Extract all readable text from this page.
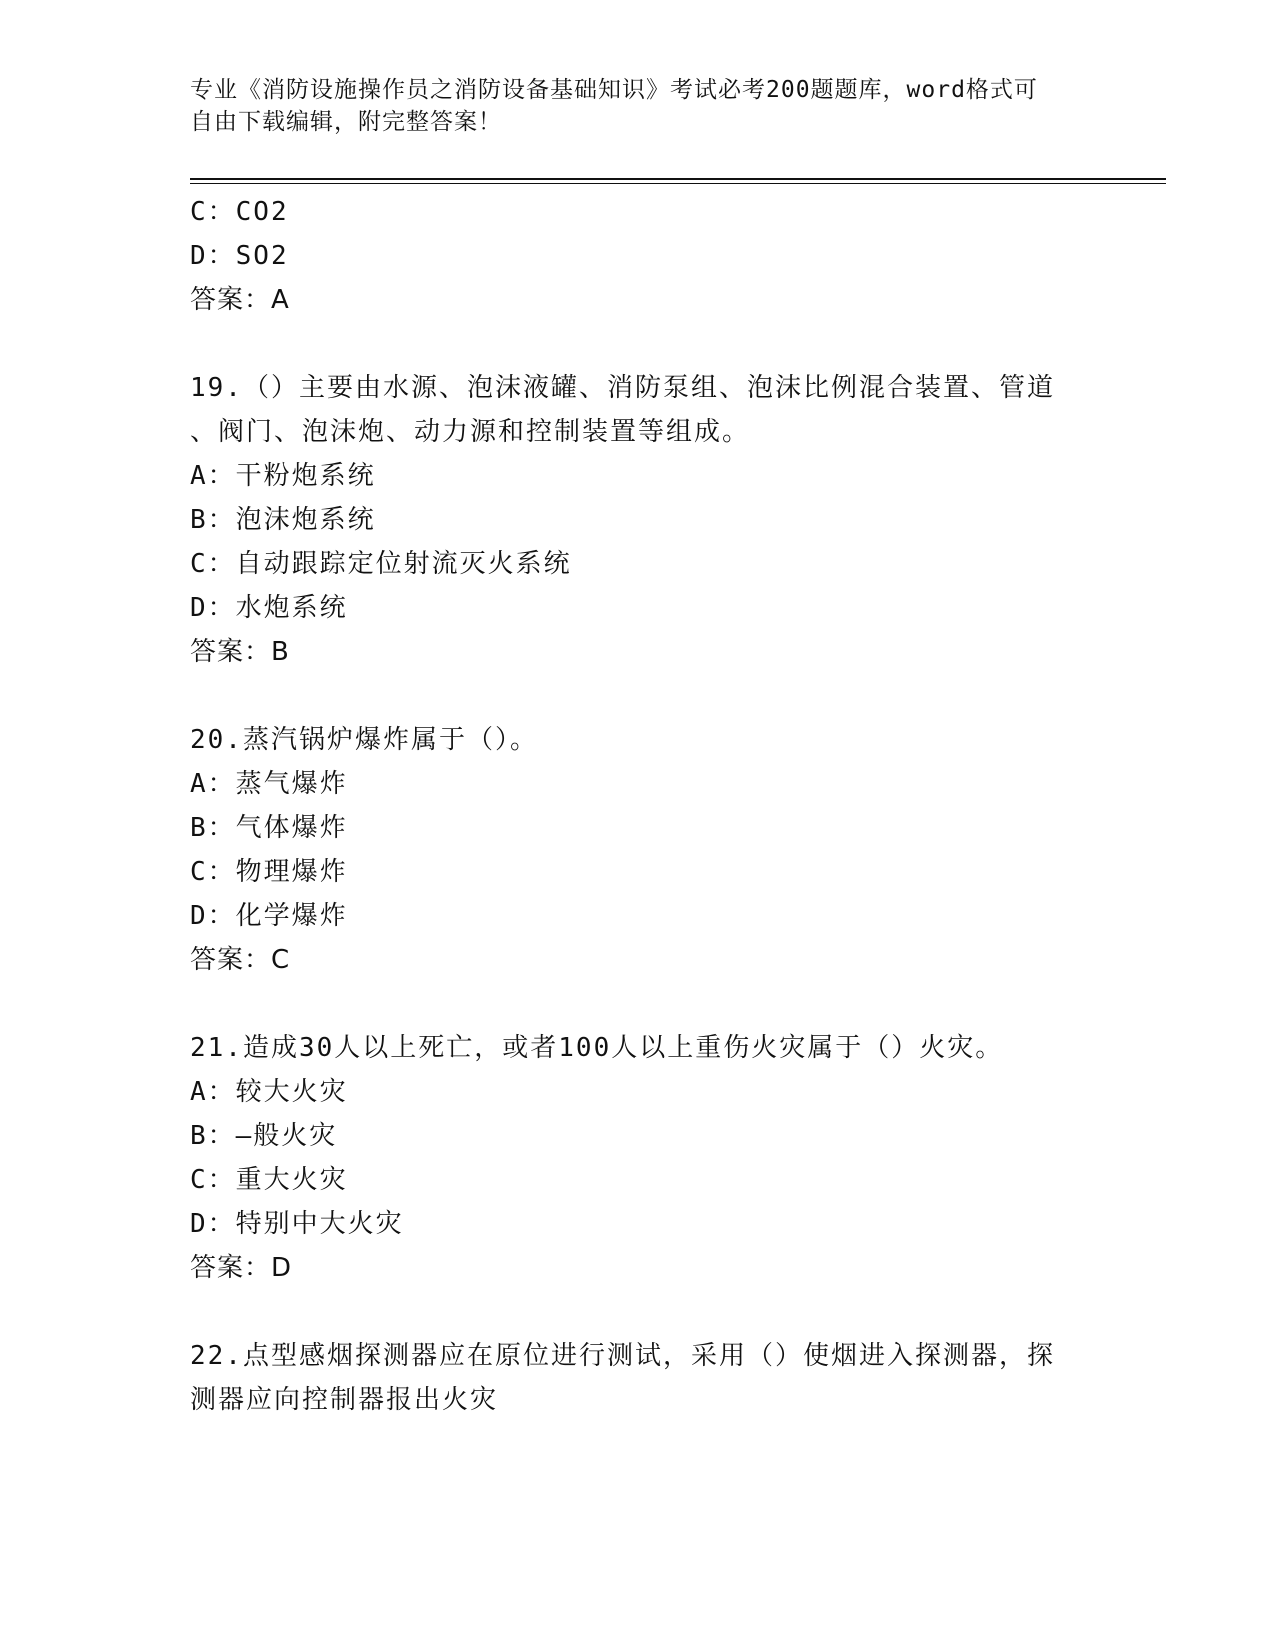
专业《消防设施操作员之消防设备基础知识》考试必考200题题库，word格式可
自由下载编辑，附完整答案！
C：CO2
D：SO2
答案：A
19.（）主要由水源、泡沫液罐、消防泵组、泡沫比例混合装置、管道
、阀门、泡沫炮、动力源和控制装置等组成。
A：干粉炮系统
B：泡沫炮系统
C：自动跟踪定位射流灭火系统
D：水炮系统
答案：B
20.蒸汽锅炉爆炸属于（）。
A：蒸气爆炸
B：气体爆炸
C：物理爆炸
D：化学爆炸
答案：C
21.造成30人以上死亡，或者100人以上重伤火灾属于（）火灾。
A：较大火灾
B：—般火灾
C：重大火灾
D：特别中大火灾
答案：D
22.点型感烟探测器应在原位进行测试，采用（）使烟进入探测器，探
测器应向控制器报出火灾
